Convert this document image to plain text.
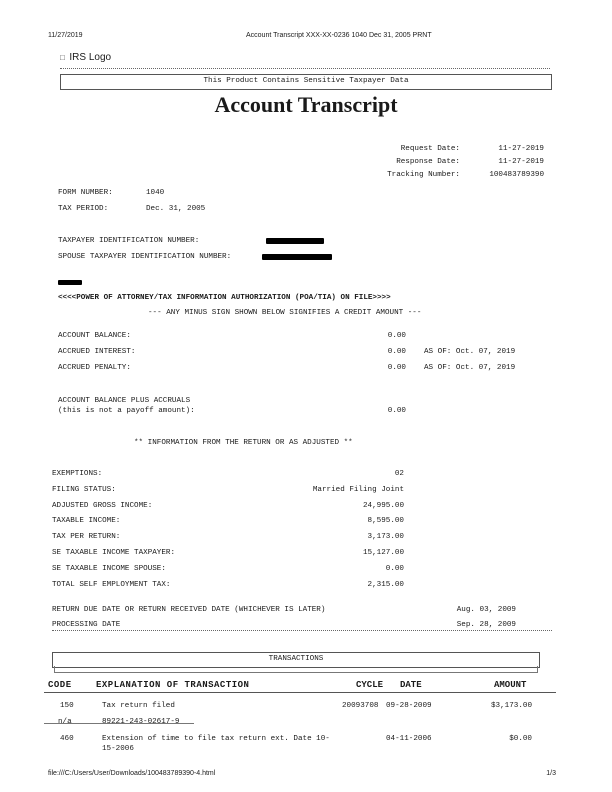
11/27/2019	Account Transcript XXX-XX-0236 1040 Dec 31, 2005 PRNT
□ IRS Logo
This Product Contains Sensitive Taxpayer Data
Account Transcript
Request Date:	11-27-2019
Response Date:	11-27-2019
Tracking Number:	100483789390
FORM NUMBER:	1040
TAX PERIOD:	Dec. 31, 2005
TAXPAYER IDENTIFICATION NUMBER:
SPOUSE TAXPAYER IDENTIFICATION NUMBER:
<<<<POWER OF ATTORNEY/TAX INFORMATION AUTHORIZATION (POA/TIA) ON FILE>>>>
--- ANY MINUS SIGN SHOWN BELOW SIGNIFIES A CREDIT AMOUNT ---
ACCOUNT BALANCE:	0.00
ACCRUED INTEREST:	0.00 AS OF: Oct. 07, 2019
ACCRUED PENALTY:	0.00 AS OF: Oct. 07, 2019
ACCOUNT BALANCE PLUS ACCRUALS
(this is not a payoff amount):	0.00
** INFORMATION FROM THE RETURN OR AS ADJUSTED **
EXEMPTIONS:	02
FILING STATUS:	Married Filing Joint
ADJUSTED GROSS INCOME:	24,995.00
TAXABLE INCOME:	8,595.00
TAX PER RETURN:	3,173.00
SE TAXABLE INCOME TAXPAYER:	15,127.00
SE TAXABLE INCOME SPOUSE:	0.00
TOTAL SELF EMPLOYMENT TAX:	2,315.00
RETURN DUE DATE OR RETURN RECEIVED DATE (WHICHEVER IS LATER)	Aug. 03, 2009
PROCESSING DATE	Sep. 28, 2009
TRANSACTIONS
CODE	EXPLANATION OF TRANSACTION	CYCLE DATE	AMOUNT
150	Tax return filed	20093708 09-28-2009	$3,173.00
n/a	89221-243-02617-9
460	Extension of time to file tax return ext. Date 10-
15-2006
04-11-2006	$0.00
file:///C:/Users/User/Downloads/100483789390-4.html	1/3
